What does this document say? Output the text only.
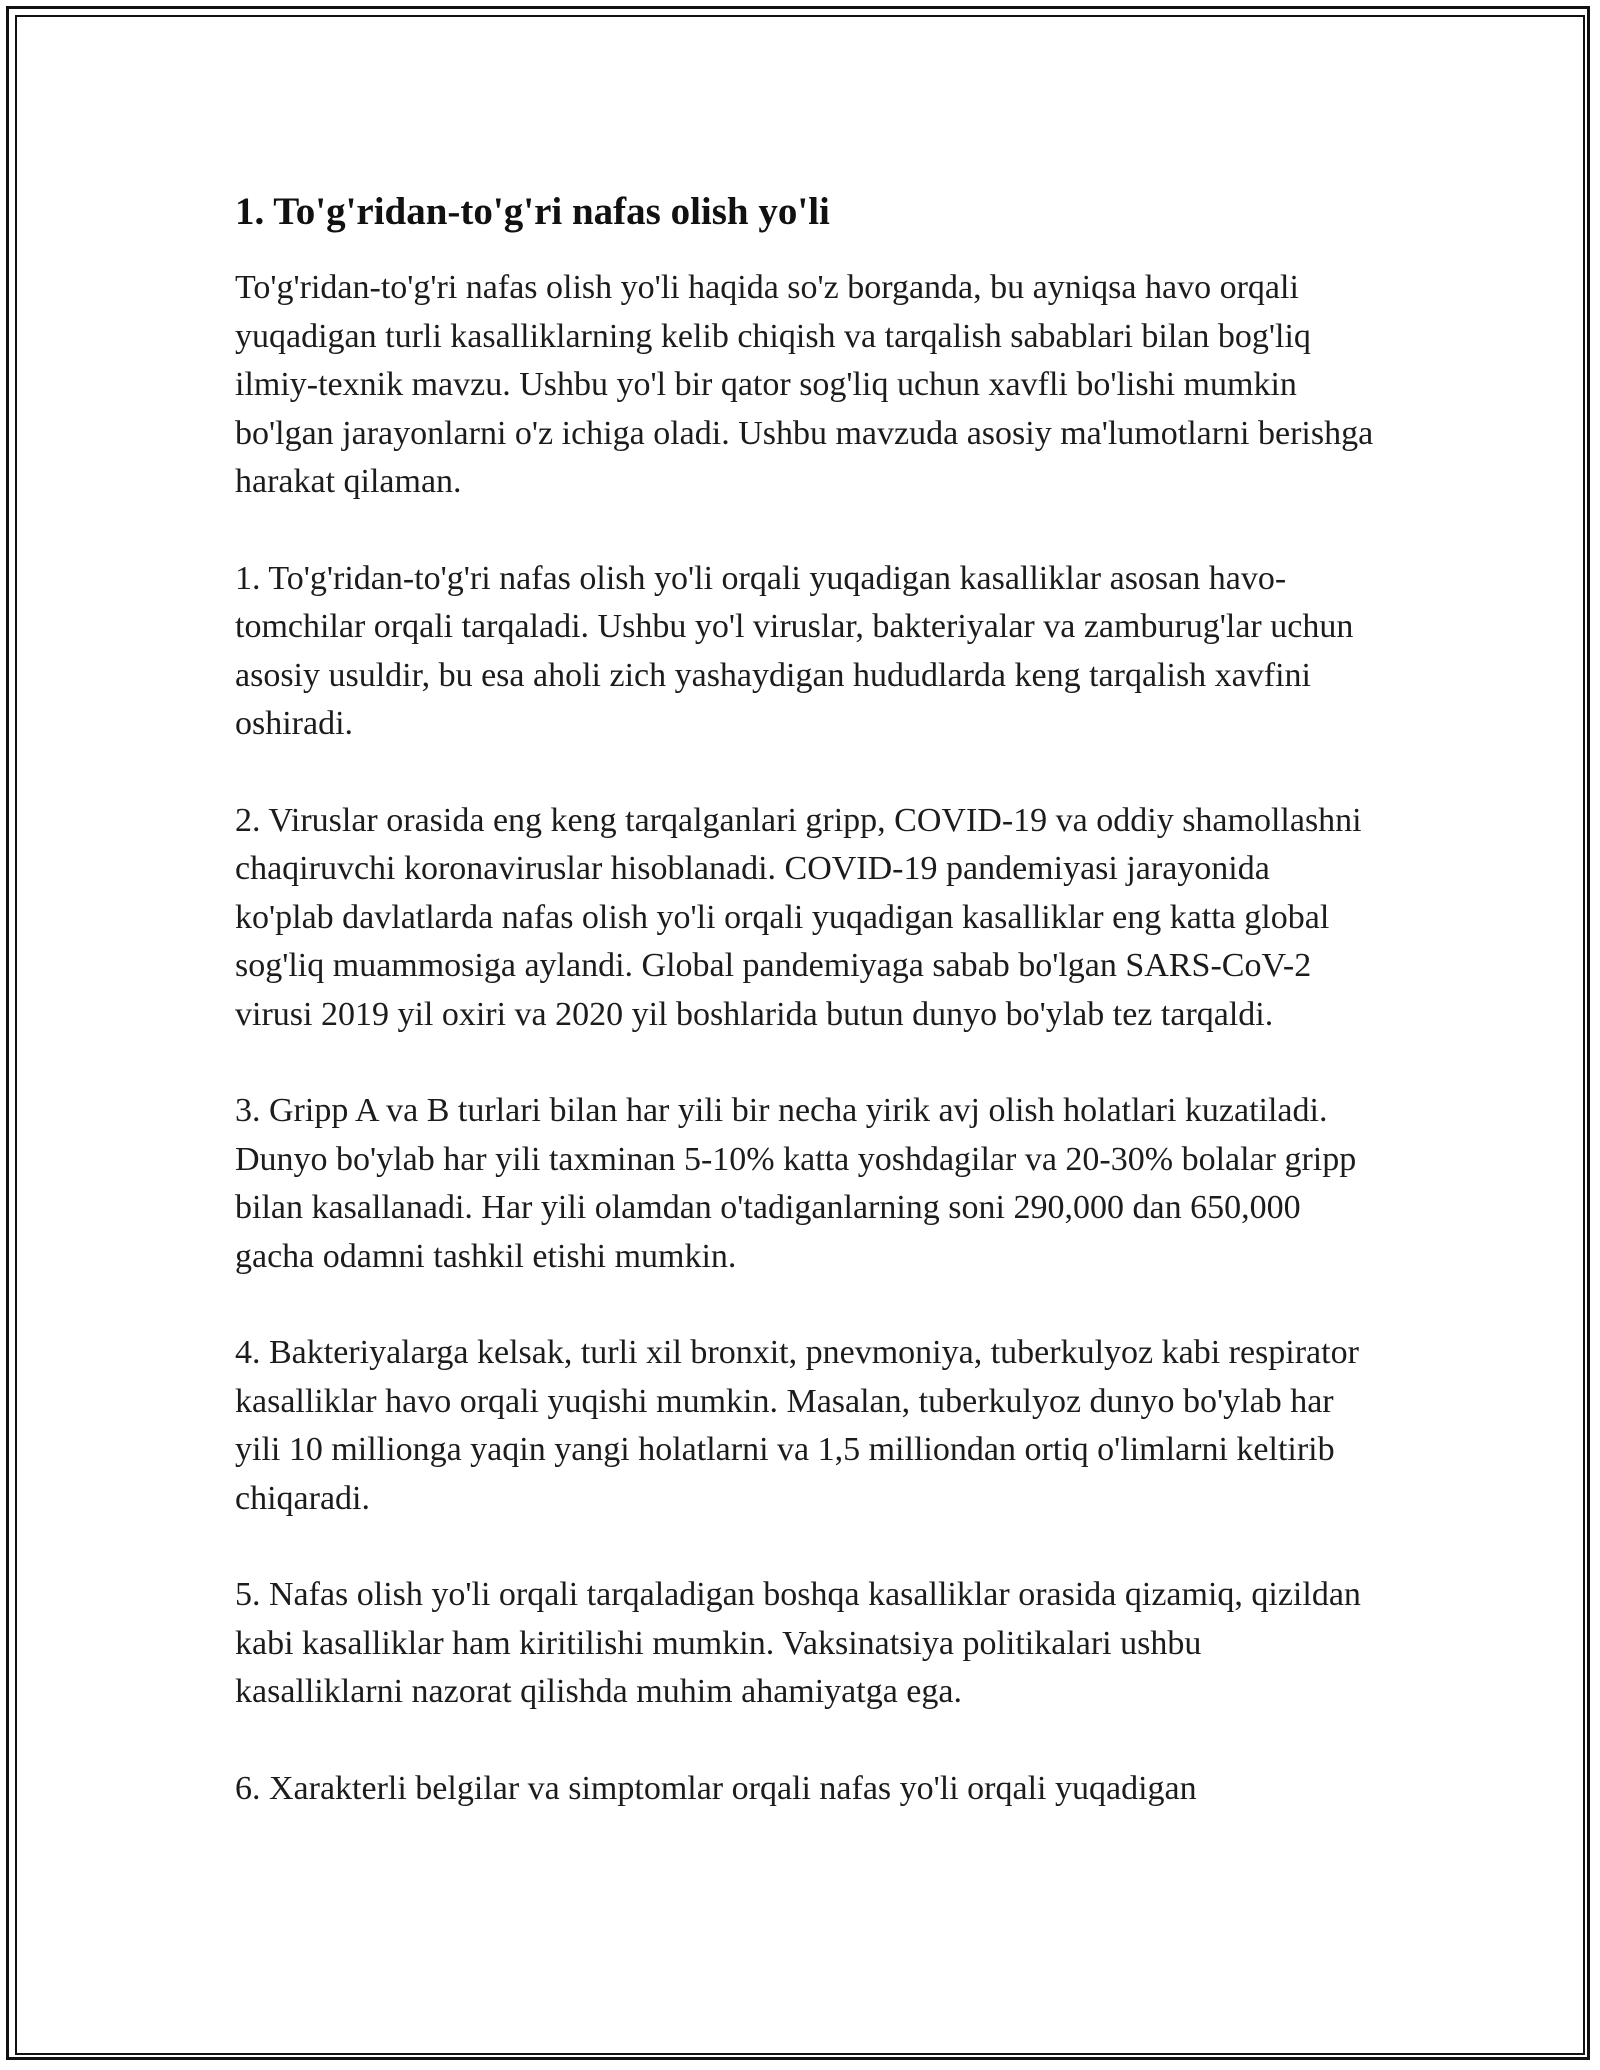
1. To'g'ridan-to'g'ri nafas olish yo'li

To'g'ridan-to'g'ri nafas olish yo'li haqida so'z borganda, bu ayniqsa havo orqali yuqadigan turli kasalliklarning kelib chiqish va tarqalish sabablari bilan bog'liq ilmiy-texnik mavzu. Ushbu yo'l bir qator sog'liq uchun xavfli bo'lishi mumkin bo'lgan jarayonlarni o'z ichiga oladi. Ushbu mavzuda asosiy ma'lumotlarni berishga harakat qilaman.

1. To'g'ridan-to'g'ri nafas olish yo'li orqali yuqadigan kasalliklar asosan havo-tomchilar orqali tarqaladi. Ushbu yo'l viruslar, bakteriyalar va zamburug'lar uchun asosiy usuldir, bu esa aholi zich yashaydigan hududlarda keng tarqalish xavfini oshiradi.

2. Viruslar orasida eng keng tarqalganlari gripp, COVID-19 va oddiy shamollashni chaqiruvchi koronaviruslar hisoblanadi. COVID-19 pandemiyasi jarayonida ko'plab davlatlarda nafas olish yo'li orqali yuqadigan kasalliklar eng katta global sog'liq muammosiga aylandi. Global pandemiyaga sabab bo'lgan SARS-CoV-2 virusi 2019 yil oxiri va 2020 yil boshlarida butun dunyo bo'ylab tez tarqaldi.

3. Gripp A va B turlari bilan har yili bir necha yirik avj olish holatlari kuzatiladi. Dunyo bo'ylab har yili taxminan 5-10% katta yoshdagilar va 20-30% bolalar gripp bilan kasallanadi. Har yili olamdan o'tadiganlarning soni 290,000 dan 650,000 gacha odamni tashkil etishi mumkin.

4. Bakteriyalarga kelsak, turli xil bronxit, pnevmoniya, tuberkulyoz kabi respirator kasalliklar havo orqali yuqishi mumkin. Masalan, tuberkulyoz dunyo bo'ylab har yili 10 millionga yaqin yangi holatlarni va 1,5 milliondan ortiq o'limlarni keltirib chiqaradi.

5. Nafas olish yo'li orqali tarqaladigan boshqa kasalliklar orasida qizamiq, qizildan kabi kasalliklar ham kiritilishi mumkin. Vaksinatsiya politikalari ushbu kasalliklarni nazorat qilishda muhim ahamiyatga ega.

6. Xarakterli belgilar va simptomlar orqali nafas yo'li orqali yuqadigan
